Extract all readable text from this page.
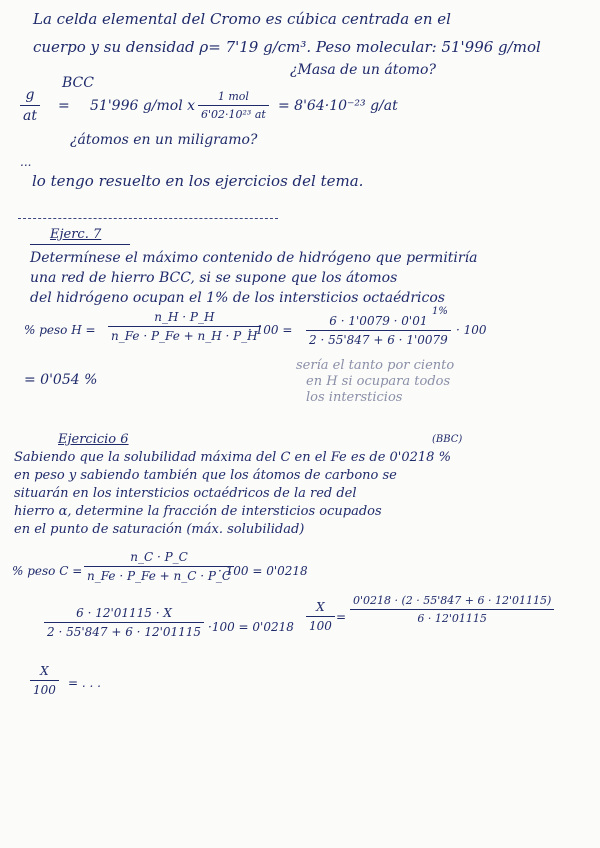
La celda elemental del Cromo es cúbica centrada en el
cuerpo y su densidad ρ= 7'19 g/cm³. Peso molecular: 51'996 g/mol
¿Masa de un átomo?
BCC
$\frac{g}{at} = 51'996$ g/mol x
1 mol
6'02·10²³ at
= 8'64·10⁻²³ g/at
¿átomos en un miligramo?
...
lo tengo resuelto en los ejercicios del tema.
Ejerc. 7
Determínese el máximo contenido de hidrógeno que permitiría
una red de hierro BCC, si se supone que los átomos
del hidrógeno ocupan el 1% de los intersticios octaédricos
% peso $H = \frac{n\_H \cdot P\_H}{n\_Fe \cdot P\_Fe + n\_H \cdot P\_H}$
· 100 =
1%
$\frac{6 \cdot 1'0079 \cdot 0'01}{2 \cdot 55'847 + 6 \cdot 1'0079} \cdot 100$
= 0'054 %
sería el tanto por ciento
en H si ocupara todos
los intersticios
Ejercicio 6	(BBC)
Sabiendo que la solubilidad máxima del C en el Fe es de 0'0218 %
en peso y sabiendo también que los átomos de carbono se
situarán en los intersticios octaédricos de la red del
hierro α, determine la fracción de intersticios ocupados
en el punto de saturación (máx. solubilidad)
% peso $C = \frac{n\_C \cdot P\_C}{n\_Fe \cdot P\_Fe + n\_C \cdot P\_C}$
· 100 = 0'0218
$\frac{6 \cdot 12'01115 \cdot X}{2 \cdot 55'847 + 6 \cdot 12'01115} \cdot 100 = 0'0218 \frac{X}{100} = \frac{0'0218 \cdot (2 \cdot 55'847 + 6 \cdot 12'01115)}{6 \cdot 12'01115}$
$\frac{X}{100}$ = . . .
